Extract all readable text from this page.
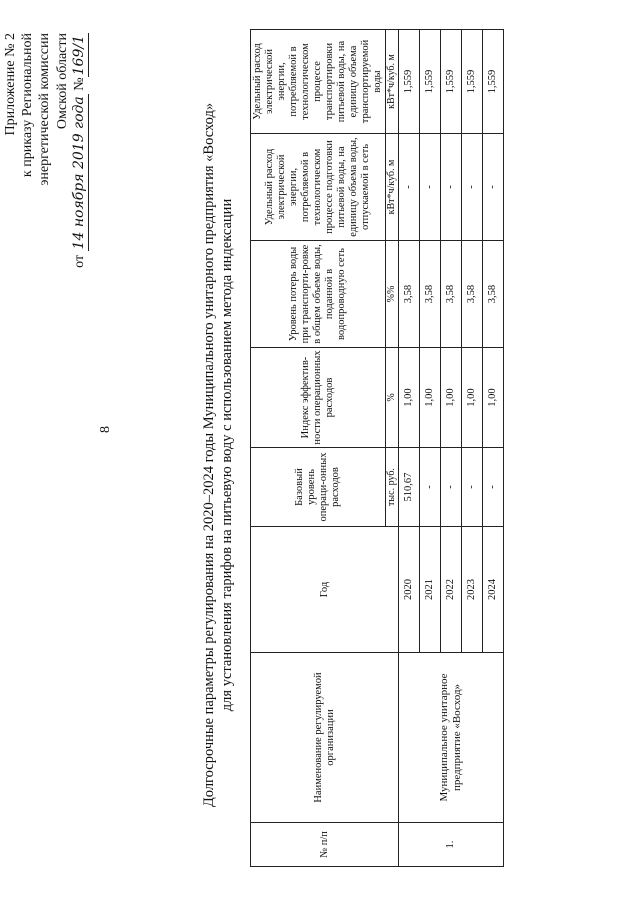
8
Приложение № 2 к приказу Региональной энергетической комиссии Омской области
от 14 ноября 2019 года №169/1
Долгосрочные параметры регулирования на 2020–2024 годы Муниципального унитарного предприятия «Восход» для установления тарифов на питьевую воду с использованием метода индексации
№ п/п	Наименование регулируемой организации	Год	Базовый уровень операци-онных расходов	Индекс эффектив-ности операционных расходов	Уровень потерь воды при транспорти-ровке в общем объеме воды, поданной в водопроводную сеть	Удельный расход электрической энергии, потребляемой в технологическом процессе подготовки питьевой воды, на единицу объема воды, отпускаемой в сеть	Удельный расход электрической энергии, потребляемой в технологическом процессе транспортировки питьевой воды, на единицу объема транспортируемой воды
			тыс. руб.	%	%%	кВт*ч/куб. м	кВт*ч/куб. м
1.	Муниципальное унитарное предприятие «Восход»	2020	510,67	1,00	3,58	-	1,559
		2021	-	1,00	3,58	-	1,559
		2022	-	1,00	3,58	-	1,559
		2023	-	1,00	3,58	-	1,559
		2024	-	1,00	3,58	-	1,559
